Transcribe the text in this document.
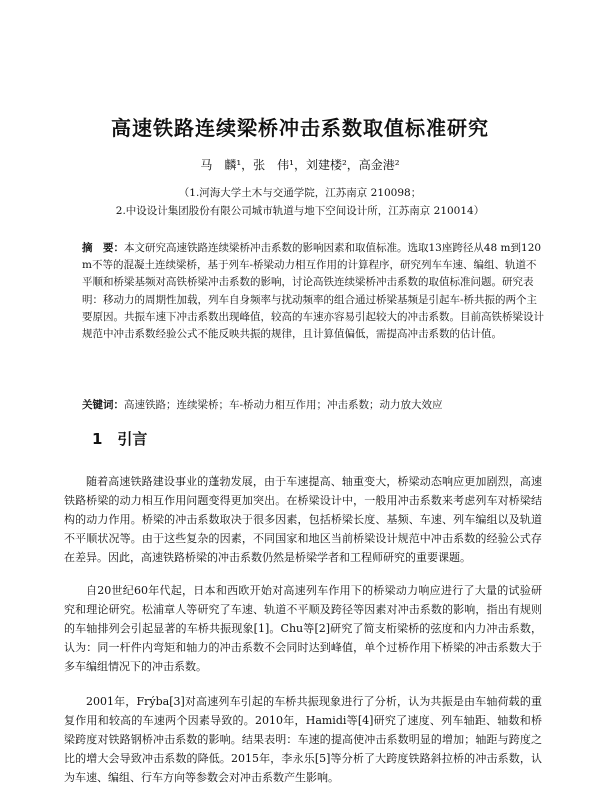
高速铁路连续梁桥冲击系数取值标准研究
马　麟¹，张　伟¹，刘建楼²，高金港²
（1.河海大学土木与交通学院，江苏南京 210098；
2.中设设计集团股份有限公司城市轨道与地下空间设计所，江苏南京 210014）
摘　要：本文研究高速铁路连续梁桥冲击系数的影响因素和取值标准。选取13座跨径从48 m到120 m不等的混凝土连续梁桥，基于列车-桥梁动力相互作用的计算程序，研究列车车速、编组、轨道不平顺和桥梁基频对高铁桥梁冲击系数的影响，讨论高铁连续梁桥冲击系数的取值标准问题。研究表明：移动力的周期性加载，列车自身频率与扰动频率的组合通过桥梁基频是引起车-桥共振的两个主要原因。共振车速下冲击系数出现峰值，较高的车速亦容易引起较大的冲击系数。目前高铁桥梁设计规范中冲击系数经验公式不能反映共振的规律，且计算值偏低，需提高冲击系数的估计值。
关键词：高速铁路；连续梁桥；车-桥动力相互作用；冲击系数；动力放大效应
1　引言

随着高速铁路建设事业的蓬勃发展，由于车速提高、轴重变大，桥梁动态响应更加剧烈，高速铁路桥梁的动力相互作用问题变得更加突出。在桥梁设计中，一般用冲击系数来考虑列车对桥梁结构的动力作用。桥梁的冲击系数取决于很多因素，包括桥梁长度、基频、车速、列车编组以及轨道不平顺状况等。由于这些复杂的因素，不同国家和地区当前桥梁设计规范中冲击系数的经验公式存在差异。因此，高速铁路桥梁的冲击系数仍然是桥梁学者和工程师研究的重要课题。

自20世纪60年代起，日本和西欧开始对高速列车作用下的桥梁动力响应进行了大量的试验研究和理论研究。松浦章人等研究了车速、轨道不平顺及跨径等因素对冲击系数的影响，指出有规则的车轴排列会引起显著的车桥共振现象[1]。Chu等[2]研究了简支桁梁桥的弦度和内力冲击系数，认为：同一杆件内弯矩和轴力的冲击系数不会同时达到峰值，单个过桥作用下桥梁的冲击系数大于多车编组情况下的冲击系数。

2001年，Frýba[3]对高速列车引起的车桥共振现象进行了分析，认为共振是由车轴荷载的重复作用和较高的车速两个因素导致的。2010年，Hamidi等[4]研究了速度、列车轴距、轴数和桥梁跨度对铁路钢桥冲击系数的影响。结果表明：车速的提高使冲击系数明显的增加；轴距与跨度之比的增大会导致冲击系数的降低。2015年，李永乐[5]等分析了大跨度铁路斜拉桥的冲击系数，认为车速、编组、行车方向等参数会对冲击系数产生影响。
